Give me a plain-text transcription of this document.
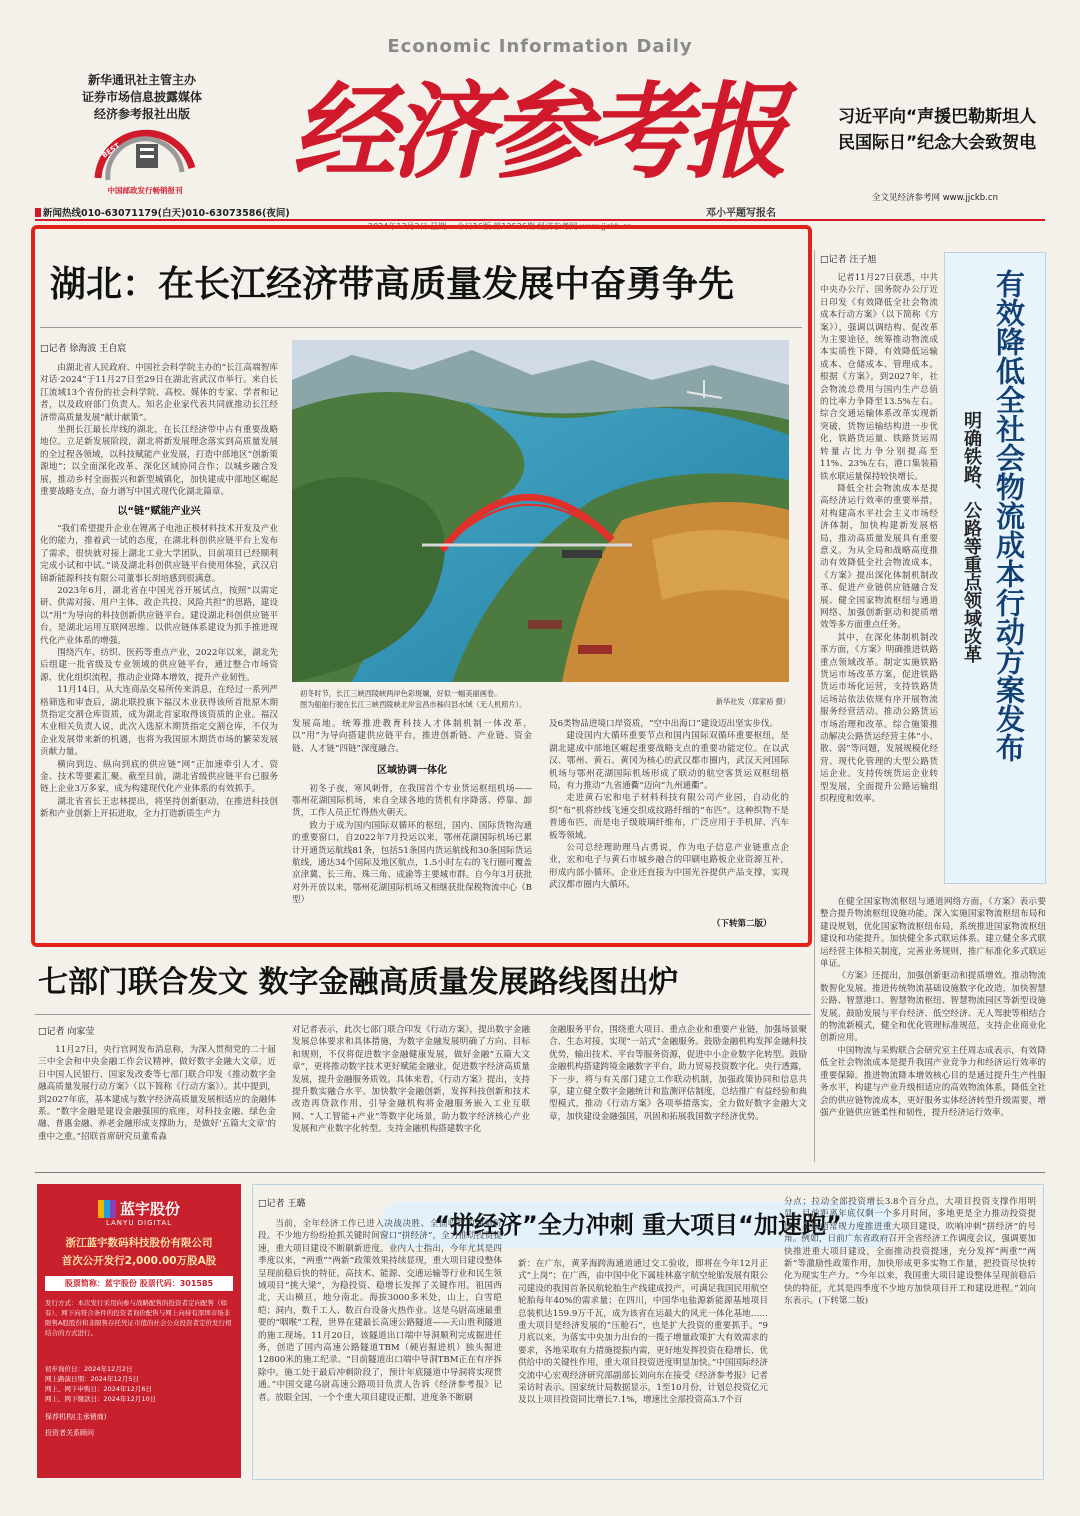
Economic Information Daily
新华通讯社主管主办
证券市场信息披露媒体
经济参考报社出版
BEST
中国邮政发行畅销报刊 经济参考报
邓小平题写报名
习近平向“声援巴勒斯坦人民国际日”纪念大会致贺电
全文见经济参考网 www.jjckb.cn
新闻热线010-63071179(白天)010-63073586(夜间)
2024年12月2日 星期一 今日16版 第12526期 经济参考网 www.jjckb.cn
湖北：在长江经济带高质量发展中奋勇争先
□记者 徐海波 王自宸

由湖北省人民政府、中国社会科学院主办的“长江高端智库对话·2024”于11月27日至29日在湖北省武汉市举行。来自长江流域13个省份的社会科学院、高校、媒体的专家、学者和记者，以及政府部门负责人、知名企业家代表共同就推动长江经济带高质量发展“献计献策”。

坐拥长江最长岸线的湖北，在长江经济带中占有重要战略地位。立足新发展阶段，湖北将新发展理念落实到高质量发展的全过程各领域，以科技赋能产业发展，打造中部地区“创新策源地”；以全面深化改革、深化区域协同合作；以城乡融合发展，推动乡村全面振兴和新型城镇化，加快建成中部地区崛起重要战略支点，奋力谱写中国式现代化湖北篇章。

以“链”赋能产业兴

“我们希望提升企业在锂离子电池正极材料技术开发及产业化的能力，推着武一试的态度，在湖北科创供应链平台上发布了需求，很快就对接上湖北工业大学团队，目前项目已经顺利完成小试和中试。”谈及湖北科创供应链平台使用体验，武汉启锦新能源科技有限公司董事长胡培感到很满意。

2023年6月，湖北省在中国光谷开展试点，按照“以需定研、供需对接、用户主体、政企共投、风险共担”的思路，建设以“用”为导向的科技创新供应链平台。建设湖北科创供应链平台，是湖北运用互联网思维、以供应链体系建设为抓手推进现代化产业体系的增强。

围绕汽车、纺织、医药等重点产业，2022年以来，湖北先后组建一批省级及专业领域的供应链平台，通过整合市场资源、优化组织流程，推动企业降本增效，提升产业韧性。

11月14日，从大连商品交易所传来消息，在经过一系列严格筛选和审查后，湖北联投旗下福汉木业获得该所首批原木期货指定交割仓库资质，成为湖北首家取得该资质的企业。福汉木业相关负责人说，此次入选原木期货指定交割仓库，不仅为企业发展带来新的机遇，也将为我国原木期货市场的繁荣发展贡献力量。

横向到边、纵向到底的供应链“网”正加速牵引人才、资金、技术等要素汇聚。截至目前，湖北省级供应链平台已服务链上企业3万多家，成为构建现代化产业体系的有效抓手。

湖北省省长王忠林提出，将坚持创新驱动，在推进科技创新和产业创新上开拓进取，全力打造新质生产力

初冬时节，长江三峡西陵峡两岸色彩斑斓，好似一幅美丽画卷。
图为船舶行驶在长江三峡西陵峡北岸宜昌市秭归县水域（无人机照片）。	新华社发（郑家裕 摄）

发展高地。统筹推进教育科技人才体制机制一体改革，以“用”为导向搭建供应链平台，推进创新链、产业链、资金链、人才链“四链”深度融合。

区域协调一体化

初冬子夜，寒风刺骨，在我国首个专业货运枢纽机场——鄂州花湖国际机场，来自全球各地的货机有序降落、停靠、卸货，工作人员正忙得热火朝天。

致力于成为国内国际双循环的枢纽，国内、国际货物沟通的重要窗口，自2022年7月投运以来，鄂州花湖国际机场已累计开通货运航线81条，包括51条国内货运航线和30条国际货运航线，通达34个国际及地区航点，1.5小时左右的飞行圈可覆盖京津冀、长三角、珠三角、成渝等主要城市群。自今年3月获批对外开放以来，鄂州花湖国际机场又相继获批保税物流中心（B型）

及6类物品进境口岸资质，“空中出海口”建设迈出坚实步伐。

建设国内大循环重要节点和国内国际双循环重要枢纽，是湖北建成中部地区崛起重要战略支点的重要功能定位。在以武汉、鄂州、黄石、黄冈为核心的武汉都市圈内，武汉天河国际机场与鄂州花湖国际机场形成了联动的航空客货运双枢纽格局，有力推动“九省通衢”迈向“九州通衢”。

走进黄石宏和电子材料科技有限公司产业园，自动化的织“布”机将纱线飞速交织成纹路纤细的“布匹”。这种织物不是普通布匹，而是电子级玻璃纤维布，广泛应用于手机屏、汽车板等领域。

公司总经理助理马占勇说，作为电子信息产业链重点企业，宏和电子与黄石市城乡融合的印刷电路板企业资源互补，形成内部小循环。企业还直接为中国光谷提供产品支撑，实现武汉都市圈内大循环。

（下转第二版）
□记者 汪子旭

记者11月27日获悉，中共中央办公厅、国务院办公厅近日印发《有效降低全社会物流成本行动方案》（以下简称《方案》），强调以调结构、促改革为主要途径，统筹推动物流成本实质性下降，有效降低运输成本、仓储成本、管理成本。根据《方案》，到2027年，社会物流总费用与国内生产总值的比率力争降至13.5%左右。综合交通运输体系改革实现新突破，货物运输结构进一步优化，铁路货运量、铁路货运周转量占比力争分别提高至11%、23%左右，港口集装箱铁水联运量保持较快增长。

降低全社会物流成本是提高经济运行效率的重要举措，对构建高水平社会主义市场经济体制，加快构建新发展格局，推动高质量发展具有重要意义。为从全局和战略高度推动有效降低全社会物流成本，《方案》提出深化体制机制改革、促进产业链供应链融合发展、健全国家物流枢纽与通道网络、加强创新驱动和提质增效等多方面重点任务。

其中，在深化体制机制改革方面，《方案》明确推进铁路重点领域改革。制定实施铁路货运市场改革方案，促进铁路货运市场化运营，支持铁路货运场站依法依规有序开展物流服务经营活动。推动公路货运市场治理和改革。综合施策推动解决公路货运经营主体“小、散、弱”等问题，发展规模化经营、现代化管理的大型公路货运企业。支持传统货运企业转型发展，全面提升公路运输组织程度和效率。

有效降低全社会物流成本行动方案发布
明确铁路、公路等重点领域改革

在健全国家物流枢纽与通道网络方面，《方案》表示要整合提升物流枢纽设施功能。深入实施国家物流枢纽布局和建设规划，优化国家物流枢纽布局，系统推进国家物流枢纽建设和功能提升。加快健全多式联运体系。建立健全多式联运经营主体相关制度，完善业务规则，推广标准化多式联运单证。

《方案》还提出，加强创新驱动和提质增效。推动物流数智化发展。推进传统物流基础设施数字化改造，加快智慧公路、智慧港口、智慧物流枢纽、智慧物流园区等新型设施发展。鼓励发展与平台经济、低空经济、无人驾驶等相结合的物流新模式，健全和优化管理标准规范，支持企业商业化创新应用。

中国物流与采购联合会研究室主任周志成表示，有效降低全社会物流成本是提升我国产业竞争力和经济运行效率的重要保障。推进物流降本增效核心目的是通过提升生产性服务水平，构建与产业升级相适应的高效物流体系，降低全社会的供应链物流成本，更好服务实体经济转型升级需要，增强产业链供应链柔性和韧性，提升经济运行效率。

七部门联合发文 数字金融高质量发展路线图出炉
□记者 向家莹

11月27日，央行官网发布消息称，为深入贯彻党的二十届三中全会和中央金融工作会议精神，做好数字金融大文章，近日中国人民银行、国家发改委等七部门联合印发《推动数字金融高质量发展行动方案》（以下简称《行动方案》）。其中提到，到2027年底，基本建成与数字经济高质量发展相适应的金融体系。“数字金融是建设金融强国的底座，对科技金融、绿色金融、普惠金融、养老金融形成支撑助力，是做好‘五篇大文章’的重中之重。”招联首席研究员董希淼

对记者表示，此次七部门联合印发《行动方案》，提出数字金融发展总体要求和具体措施，为数字金融发展明确了方向、目标和规则，不仅将促进数字金融健康发展，做好金融“五篇大文章”，更将推动数字技术更好赋能金融业，促进数字经济高质量发展，提升金融服务质效。具体来看，《行动方案》提出，支持提升数实融合水平。加快数字金融创新，发挥科技创新和技术改造再贷款作用，引导金融机构将金融服务嵌入工业互联网、“人工智能+产业”等数字化场景，助力数字经济核心产业发展和产业数字化转型。支持金融机构搭建数字化

金融服务平台，围绕重大项目、重点企业和重要产业链，加强场景聚合、生态对接，实现“一站式”金融服务。鼓励金融机构发挥金融科技优势，输出技术、平台等服务资源，促进中小企业数字化转型。鼓励金融机构搭建跨境金融数字平台，助力贸易投资数字化。央行透露，下一步，将与有关部门建立工作联动机制，加强政策协同和信息共享，建立健全数字金融统计和监测评估制度，总结推广有益经验和典型模式，推动《行动方案》各项举措落实，全力做好数字金融大文章，加快建设金融强国，巩固和拓展我国数字经济优势。

蓝宇股份
LANYU DIGITAL
浙江蓝宇数码科技股份有限公司
首次公开发行2,000.00万股A股
股票简称：蓝宇股份 股票代码：301585
发行方式：本次发行采用向参与战略配售的投资者定向配售（如有）、网下向符合条件的投资者询价配售与网上向持有深圳市场非限售A股股份和非限售存托凭证市值的社会公众投资者定价发行相结合的方式进行。
初步询价日：2024年12月2日
网上路演日期：2024年12月5日
网上、网下申购日：2024年12月6日
网上、网下缴款日：2024年12月10日
保荐机构(主承销商)
投资者关系顾问
□记者 王璐
“拼经济”全力冲刺 重大项目“加速跑”

当前，全年经济工作已进入决战决胜、全面收官的冲刺阶段。不少地方纷纷抢抓关键时间窗口“拼经济”，全力推动投资提速，重大项目建设不断刷新进度。业内人士指出，今年尤其是四季度以来，“两重”“两新”政策效果持续显现，重大项目建设整体呈现前稳后快的特征，高技术、能源、交通运输等行业和民生领域项目“挑大梁”，为稳投资、稳增长发挥了关键作用。祖国西北，天山横亘，地分南北。海拔3000多米处，山上，白雪皑皑；洞内，数千工人、数百台设备火热作业。这是乌尉高速最重要的“咽喉”工程，世界在建最长高速公路隧道——天山胜利隧道的施工现场。11月20日，该隧道出口端中导洞顺利完成掘进任务，创造了国内高速公路隧道TBM（硬岩掘进机）独头掘进12800米的施工纪录。“目前隧道出口端中导洞TBM正在有序拆除中。施工处于最后冲刺阶段了，预计年底隧道中导洞将实现贯通。”中国交建乌尉高速公路项目负责人告诉《经济参考报》记者。放眼全国，一个个重大项目建设正酣，进度条不断刷

新：在广东，黄茅海跨海通道通过交工验收，即将在今年12月正式“上岗”；在广西，由中国中化下属桂林嘉宇航空轮胎发展有限公司建设的我国首条民航轮胎生产线建成投产，可满足我国民用航空轮胎每年40%的需求量；在四川，中国华电盐源新能源基地项目总装机达159.9万千瓦，成为该省在运最大的风光一体化基地……重大项目是经济发展的“压舱石”，也是扩大投资的重要抓手。“9月底以来，为落实中央加力出台的一揽子增量政策扩大有效需求的要求，各地采取有力措施提振内需，更好地发挥投资在稳增长、优供给中的关键性作用，重大项目投资进度明显加快。”中国国际经济交流中心宏观经济研究部副部长刘向东在接受《经济参考报》记者采访时表示。国家统计局数据显示，1至10月份，计划总投资亿元及以上项目投资同比增长7.1%，增速比全部投资高3.7个百

分点；拉动全部投资增长3.8个百分点，大项目投资支撑作用明显。目前距离年底仅剩一个多月时间，多地更是全力推动投资提速，采取超常规力度推进重大项目建设，吹响冲刺“拼经济”的号角。例如，日前广东省政府召开全省经济工作调度会议，强调要加快推进重大项目建设，全面推动投资提速，充分发挥“两重”“两新”等激励性政策作用，加快形成更多实物工作量，把投资尽快转化为现实生产力。“今年以来，我国重大项目建设整体呈现前稳后快的特征，尤其是四季度不少地方加快项目开工和建设进程。”刘向东表示。(下转第二版)
